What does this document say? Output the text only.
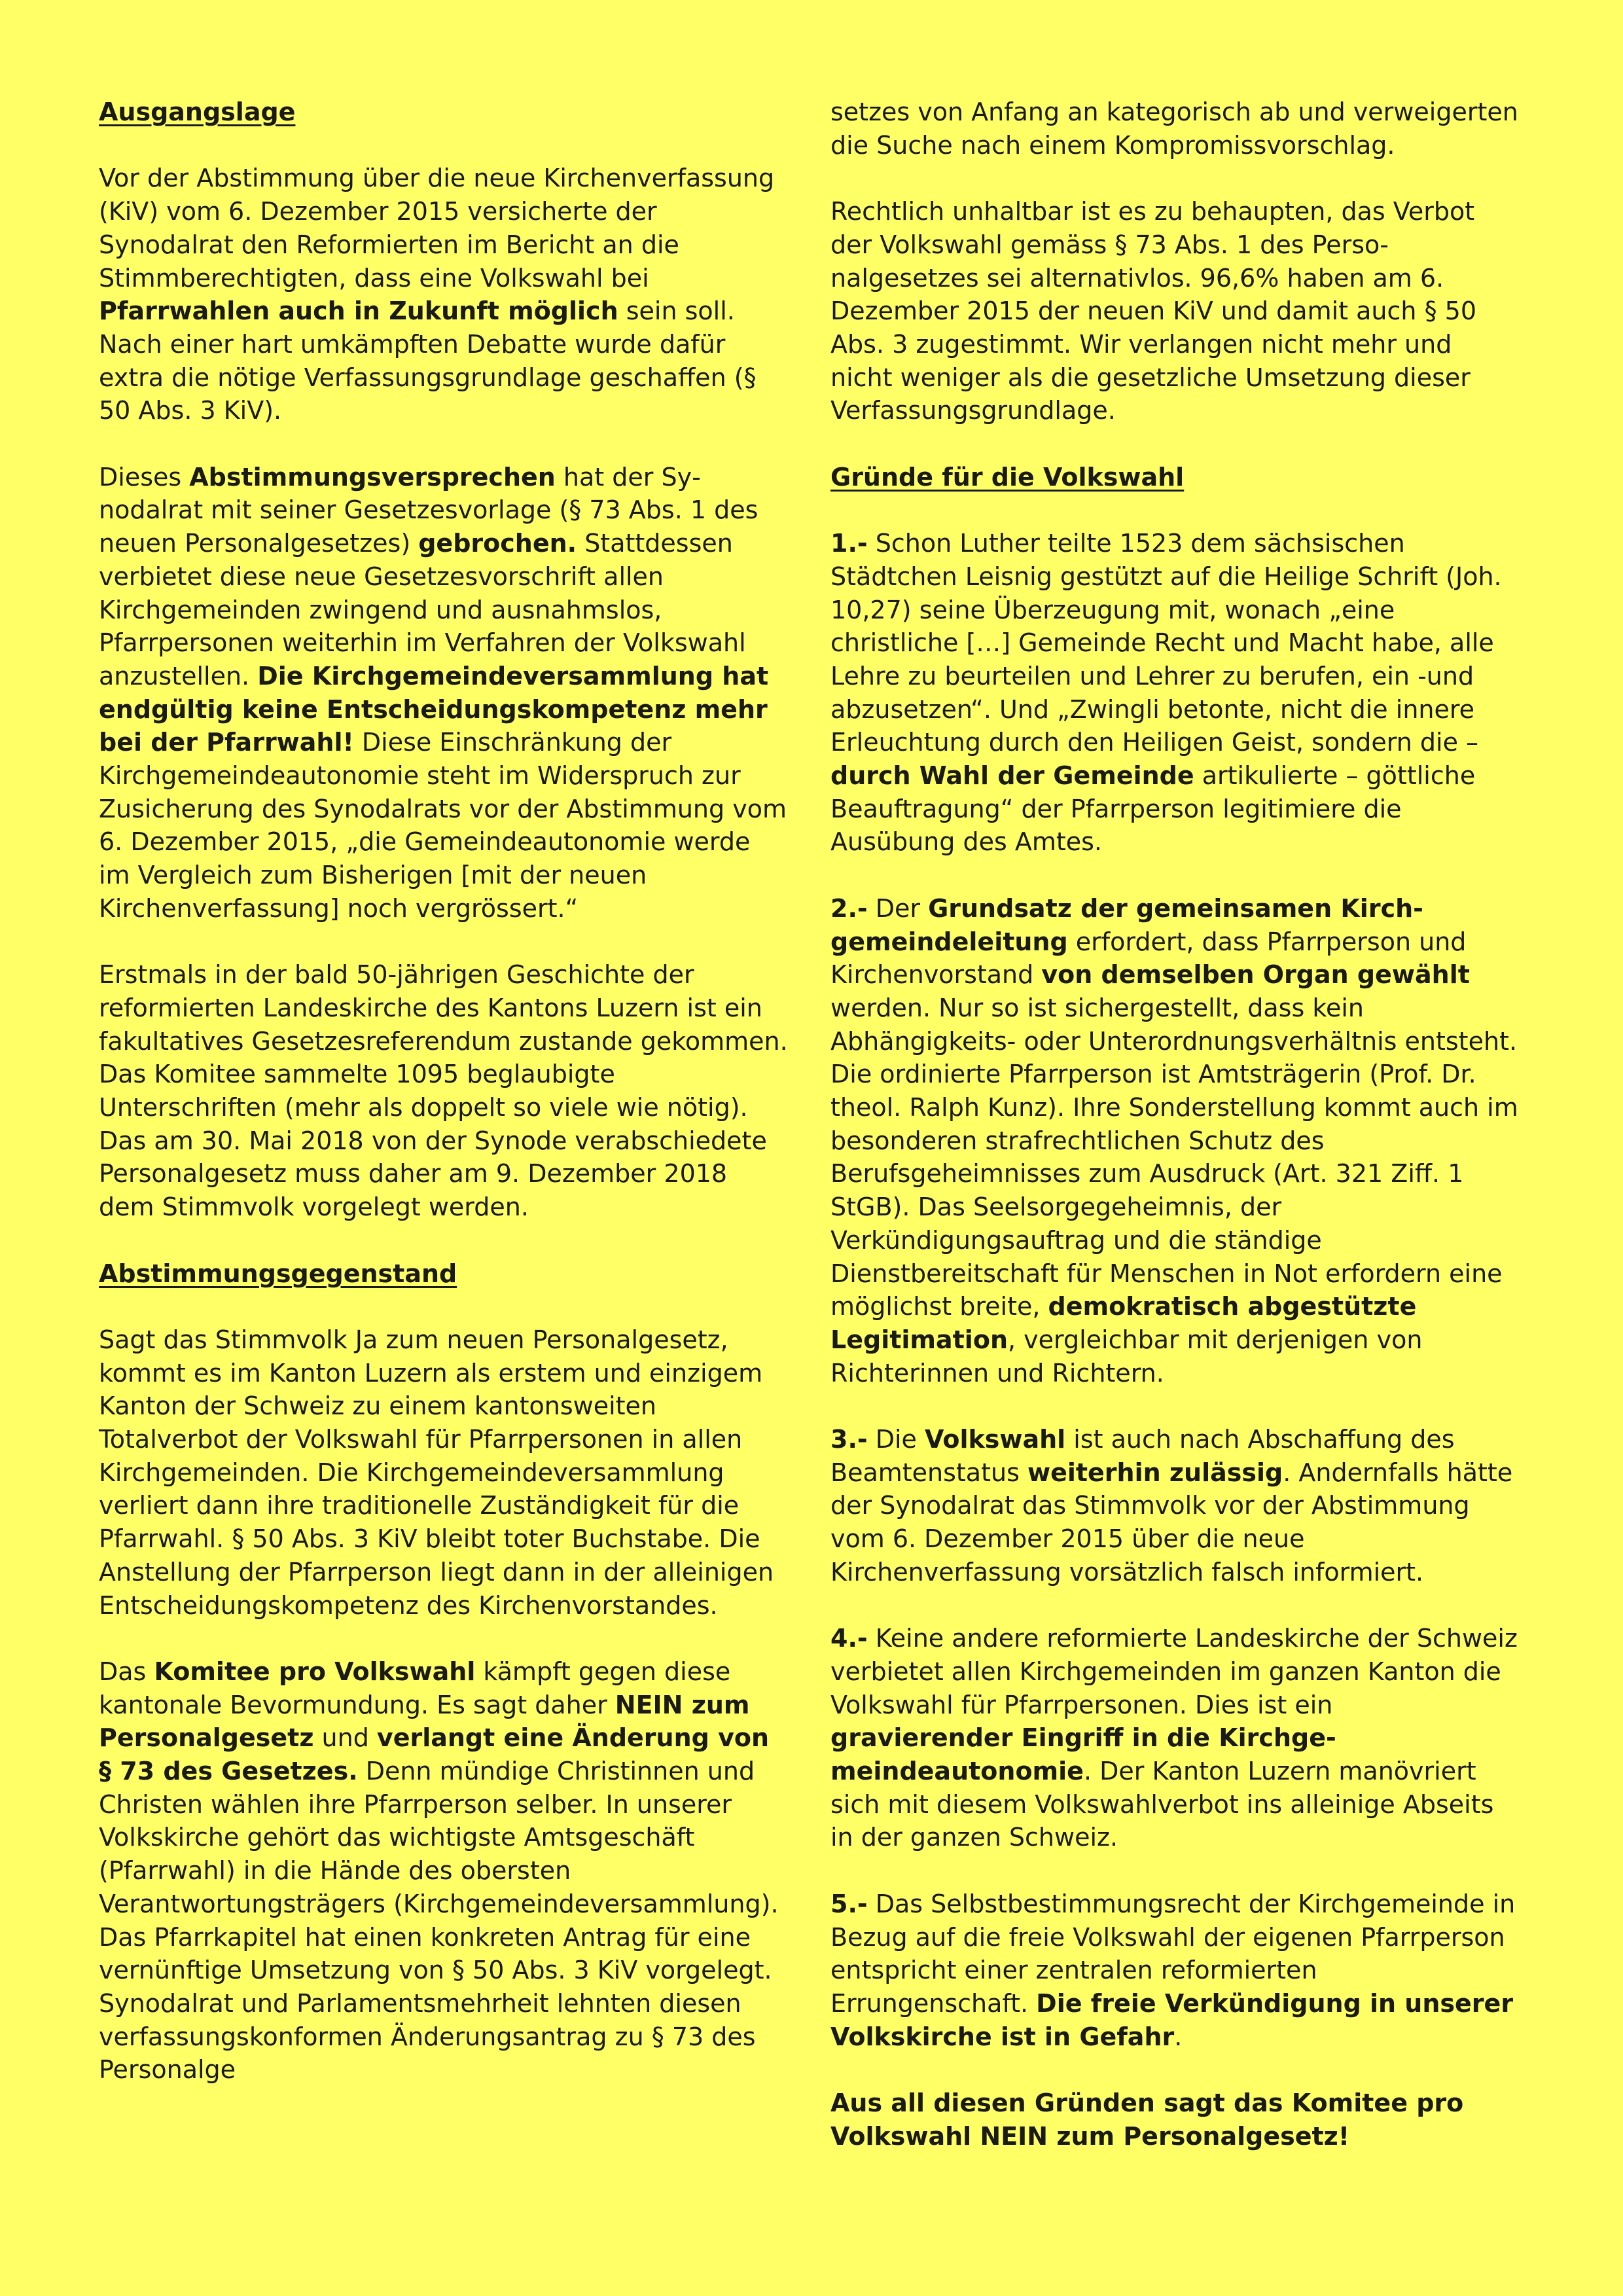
Ausgangslage

Vor der Abstimmung über die neue Kirchenverfassung (KiV) vom 6. Dezember 2015 versicherte der Synodalrat den Reformierten im Bericht an die Stimmberechtigten, dass eine Volkswahl bei Pfarrwahlen auch in Zukunft möglich sein soll. Nach einer hart umkämpften Debatte wurde dafür extra die nötige Verfassungsgrundlage geschaffen (§ 50 Abs. 3 KiV).

Dieses Abstimmungsversprechen hat der Synodalrat mit seiner Gesetzesvorlage (§ 73 Abs. 1 des neuen Personalgesetzes) gebrochen. Stattdessen verbietet diese neue Gesetzesvorschrift allen Kirchgemeinden zwingend und ausnahmslos, Pfarrpersonen weiterhin im Verfahren der Volkswahl anzustellen. Die Kirchgemeindeversammlung hat endgültig keine Entscheidungskompetenz mehr bei der Pfarrwahl! Diese Einschränkung der Kirchgemeindeautonomie steht im Widerspruch zur Zusicherung des Synodalrats vor der Abstimmung vom 6. Dezember 2015, „die Gemeindeautonomie werde im Vergleich zum Bisherigen [mit der neuen Kirchenverfassung] noch vergrössert.“

Erstmals in der bald 50-jährigen Geschichte der reformierten Landeskirche des Kantons Luzern ist ein fakultatives Gesetzesreferendum zustande gekommen. Das Komitee sammelte 1095 beglaubigte Unterschriften (mehr als doppelt so viele wie nötig). Das am 30. Mai 2018 von der Synode verabschiedete Personalgesetz muss daher am 9. Dezember 2018 dem Stimmvolk vorgelegt werden.

Abstimmungsgegenstand

Sagt das Stimmvolk Ja zum neuen Personalgesetz, kommt es im Kanton Luzern als erstem und einzigem Kanton der Schweiz zu einem kantonsweiten Totalverbot der Volkswahl für Pfarrpersonen in allen Kirchgemeinden. Die Kirchgemeindeversammlung verliert dann ihre traditionelle Zuständigkeit für die Pfarrwahl. § 50 Abs. 3 KiV bleibt toter Buchstabe. Die Anstellung der Pfarrperson liegt dann in der alleinigen Entscheidungskompetenz des Kirchenvorstandes.

Das Komitee pro Volkswahl kämpft gegen diese kantonale Bevormundung. Es sagt daher NEIN zum Personalgesetz und verlangt eine Änderung von § 73 des Gesetzes. Denn mündige Christinnen und Christen wählen ihre Pfarrperson selber. In unserer Volkskirche gehört das wichtigste Amtsgeschäft (Pfarrwahl) in die Hände des obersten Verantwortungsträgers (Kirchgemeindeversammlung). Das Pfarrkapitel hat einen konkreten Antrag für eine vernünftige Umsetzung von § 50 Abs. 3 KiV vorgelegt. Synodalrat und Parlamentsmehrheit lehnten diesen verfassungskonformen Änderungsantrag zu § 73 des Personalge

setzes von Anfang an kategorisch ab und verweigerten die Suche nach einem Kompromissvorschlag.

Rechtlich unhaltbar ist es zu behaupten, das Verbot der Volkswahl gemäss § 73 Abs. 1 des Personalgesetzes sei alternativlos. 96,6% haben am 6. Dezember 2015 der neuen KiV und damit auch § 50 Abs. 3 zugestimmt. Wir verlangen nicht mehr und nicht weniger als die gesetzliche Umsetzung dieser Verfassungsgrundlage.

Gründe für die Volkswahl

1.- Schon Luther teilte 1523 dem sächsischen Städtchen Leisnig gestützt auf die Heilige Schrift (Joh. 10,27) seine Überzeugung mit, wonach „eine christliche […] Gemeinde Recht und Macht habe, alle Lehre zu beurteilen und Lehrer zu berufen, ein -und abzusetzen“. Und „Zwingli betonte, nicht die innere Erleuchtung durch den Heiligen Geist, sondern die – durch Wahl der Gemeinde artikulierte – göttliche Beauftragung“ der Pfarrperson legitimiere die Ausübung des Amtes.

2.- Der Grundsatz der gemeinsamen Kirchgemeindeleitung erfordert, dass Pfarrperson und Kirchenvorstand von demselben Organ gewählt werden. Nur so ist sichergestellt, dass kein Abhängigkeits- oder Unterordnungsverhältnis entsteht. Die ordinierte Pfarrperson ist Amtsträgerin (Prof. Dr. theol. Ralph Kunz). Ihre Sonderstellung kommt auch im besonderen strafrechtlichen Schutz des Berufsgeheimnisses zum Ausdruck (Art. 321 Ziff. 1 StGB). Das Seelsorgegeheimnis, der Verkündigungsauftrag und die ständige Dienstbereitschaft für Menschen in Not erfordern eine möglichst breite, demokratisch abgestützte Legitimation, vergleichbar mit derjenigen von Richterinnen und Richtern.

3.- Die Volkswahl ist auch nach Abschaffung des Beamtenstatus weiterhin zulässig. Andernfalls hätte der Synodalrat das Stimmvolk vor der Abstimmung vom 6. Dezember 2015 über die neue Kirchenverfassung vorsätzlich falsch informiert.

4.- Keine andere reformierte Landeskirche der Schweiz verbietet allen Kirchgemeinden im ganzen Kanton die Volkswahl für Pfarrpersonen. Dies ist ein gravierender Eingriff in die Kirchgemeindeautonomie. Der Kanton Luzern manövriert sich mit diesem Volkswahlverbot ins alleinige Abseits in der ganzen Schweiz.

5.- Das Selbstbestimmungsrecht der Kirchgemeinde in Bezug auf die freie Volkswahl der eigenen Pfarrperson entspricht einer zentralen reformierten Errungenschaft. Die freie Verkündigung in unserer Volkskirche ist in Gefahr.

Aus all diesen Gründen sagt das Komitee pro Volkswahl NEIN zum Personalgesetz!
